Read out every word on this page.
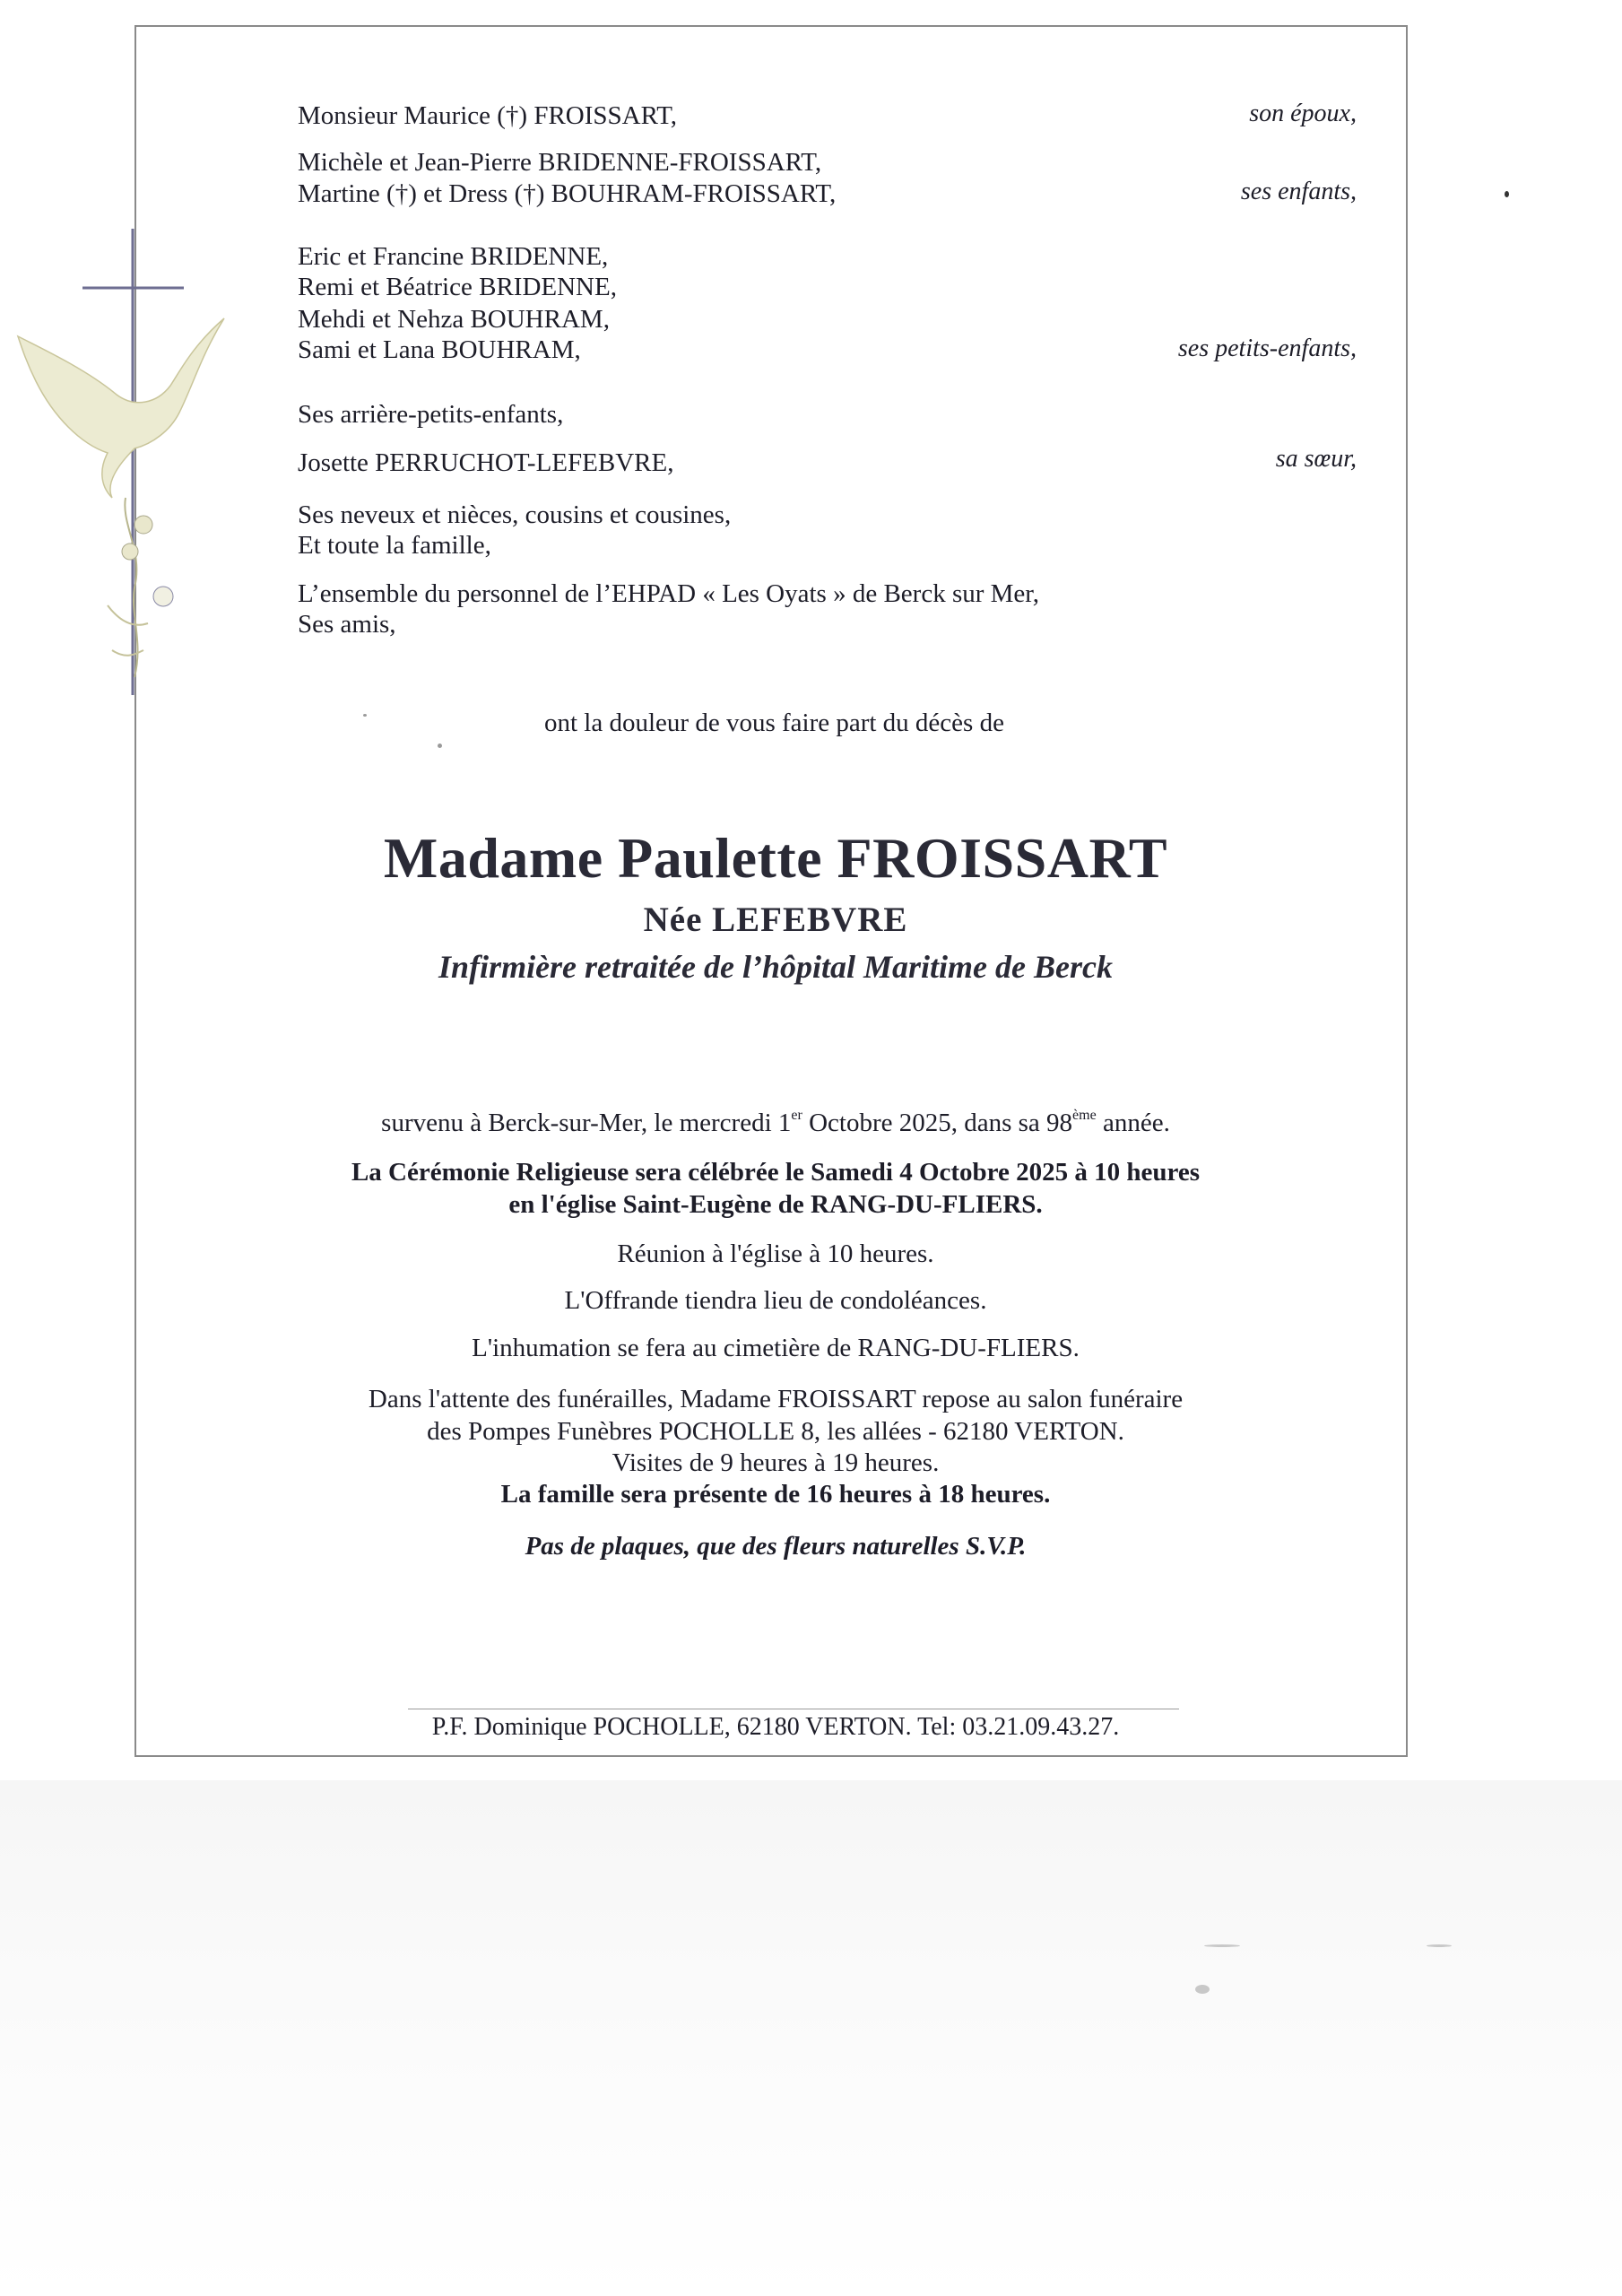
Monsieur Maurice (†) FROISSART,	son époux,
Michèle et Jean-Pierre BRIDENNE-FROISSART,
Martine (†) et Dress (†) BOUHRAM-FROISSART,	ses enfants,
Eric et Francine BRIDENNE,
Remi et Béatrice BRIDENNE,
Mehdi et Nehza BOUHRAM,
Sami et Lana BOUHRAM,	ses petits-enfants,
Ses arrière-petits-enfants,
Josette PERRUCHOT-LEFEBVRE,	sa sœur,
Ses neveux et nièces, cousins et cousines,
Et toute la famille,
L’ensemble du personnel de l’EHPAD « Les Oyats » de Berck sur Mer,
Ses amis,
ont la douleur de vous faire part du décès de
Madame Paulette FROISSART
Née LEFEBVRE
Infirmière retraitée de l’hôpital Maritime de Berck
survenu à Berck-sur-Mer, le mercredi 1er Octobre 2025, dans sa 98ème année.
La Cérémonie Religieuse sera célébrée le Samedi 4 Octobre 2025 à 10 heures
en l'église Saint-Eugène de RANG-DU-FLIERS.
Réunion à l'église à 10 heures.
L'Offrande tiendra lieu de condoléances.
L'inhumation se fera au cimetière de RANG-DU-FLIERS.
Dans l'attente des funérailles, Madame FROISSART repose au salon funéraire
des Pompes Funèbres POCHOLLE 8, les allées - 62180 VERTON.
Visites de 9 heures à 19 heures.
La famille sera présente de 16 heures à 18 heures.
Pas de plaques, que des fleurs naturelles S.V.P.
P.F. Dominique POCHOLLE, 62180 VERTON. Tel: 03.21.09.43.27.
